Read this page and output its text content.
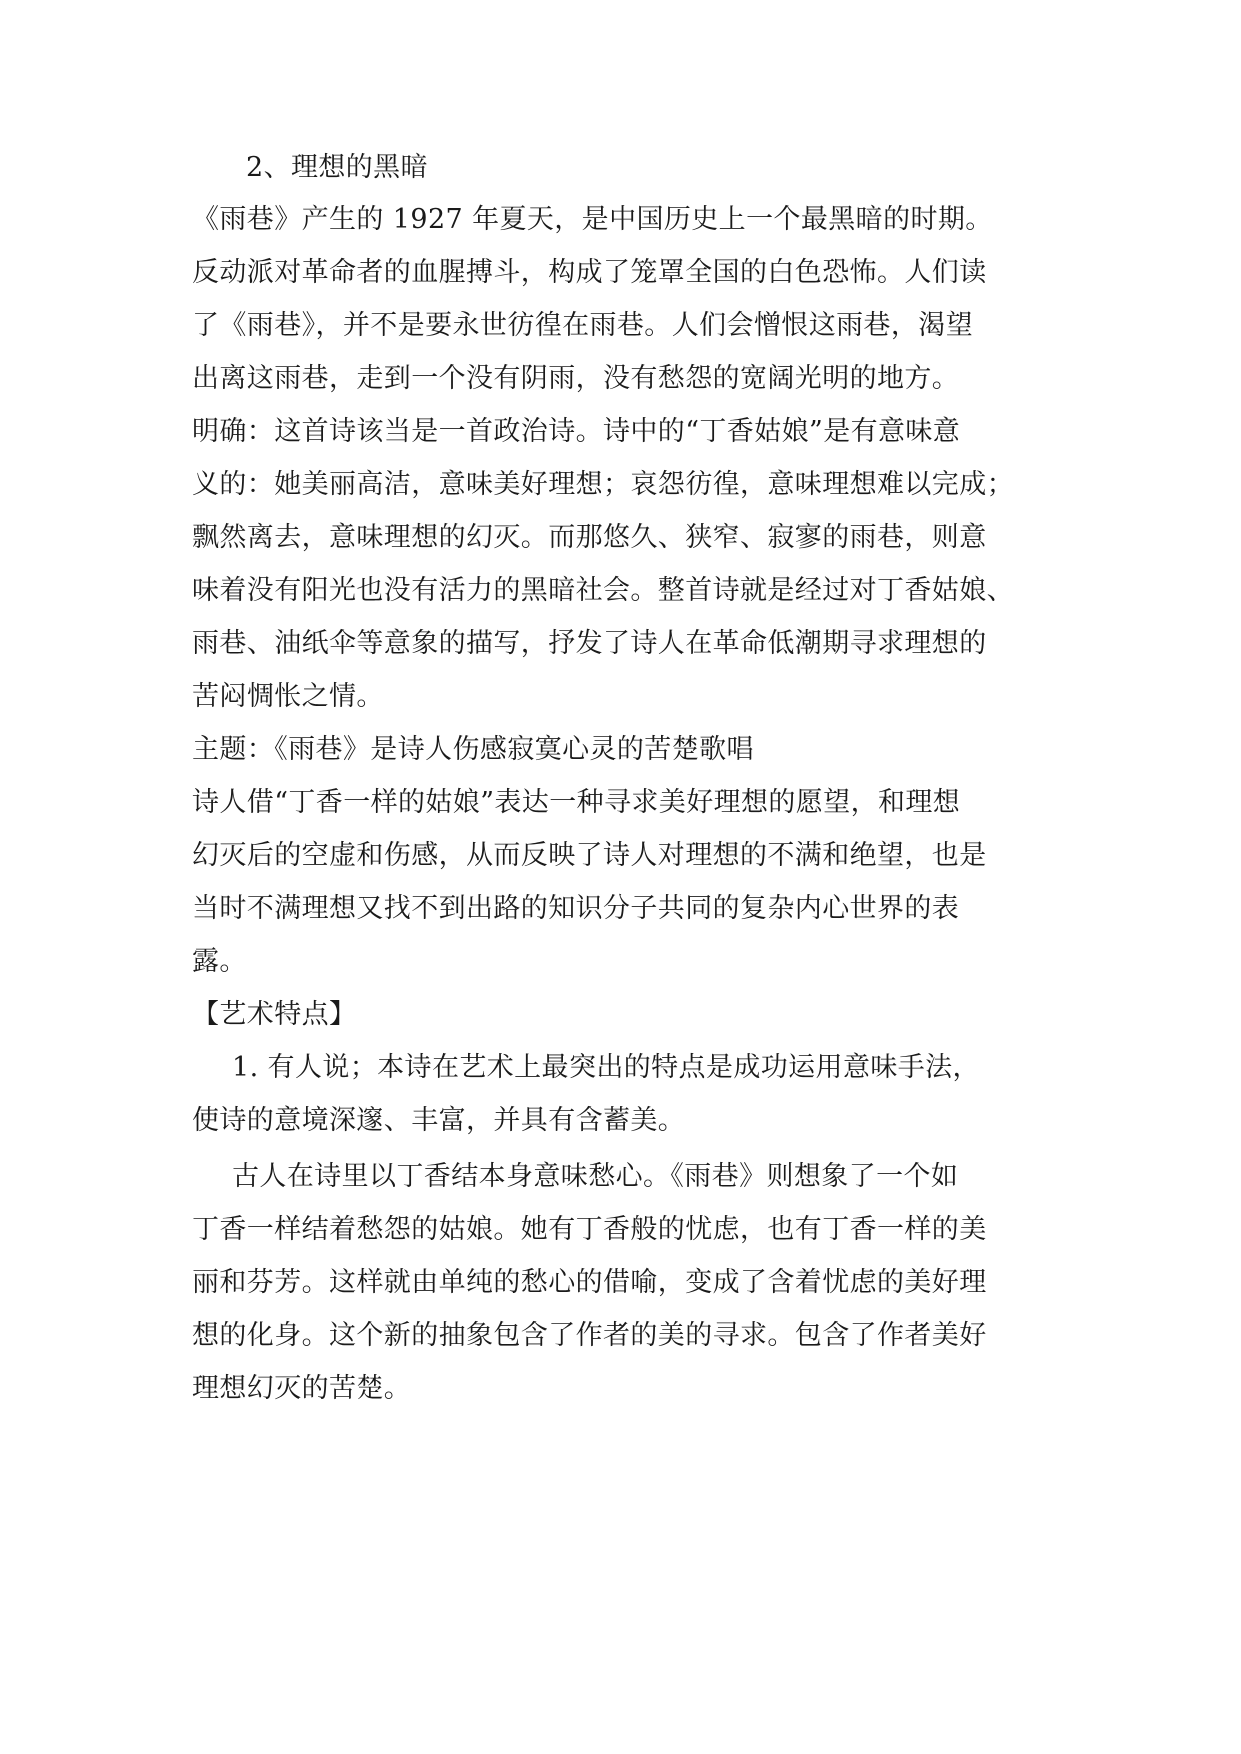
2、理想的黑暗
《雨巷》产生的 1927 年夏天，是中国历史上一个最黑暗的时期。
反动派对革命者的血腥搏斗，构成了笼罩全国的白色恐怖。人们读
了《雨巷》，并不是要永世彷徨在雨巷。人们会憎恨这雨巷，渴望
出离这雨巷，走到一个没有阴雨，没有愁怨的宽阔光明的地方。
明确：这首诗该当是一首政治诗。诗中的“丁香姑娘”是有意味意
义的：她美丽高洁，意味美好理想；哀怨彷徨，意味理想难以完成；
飘然离去，意味理想的幻灭。而那悠久、狭窄、寂寥的雨巷，则意
味着没有阳光也没有活力的黑暗社会。整首诗就是经过对丁香姑娘、
雨巷、油纸伞等意象的描写，抒发了诗人在革命低潮期寻求理想的
苦闷惆怅之情。
主题：《雨巷》是诗人伤感寂寞心灵的苦楚歌唱
诗人借“丁香一样的姑娘”表达一种寻求美好理想的愿望，和理想
幻灭后的空虚和伤感，从而反映了诗人对理想的不满和绝望，也是
当时不满理想又找不到出路的知识分子共同的复杂内心世界的表
露。
【艺术特点】
1. 有人说；本诗在艺术上最突出的特点是成功运用意味手法，
使诗的意境深邃、丰富，并具有含蓄美。
古人在诗里以丁香结本身意味愁心。《雨巷》则想象了一个如
丁香一样结着愁怨的姑娘。她有丁香般的忧虑，也有丁香一样的美
丽和芬芳。这样就由单纯的愁心的借喻，变成了含着忧虑的美好理
想的化身。这个新的抽象包含了作者的美的寻求。包含了作者美好
理想幻灭的苦楚。
